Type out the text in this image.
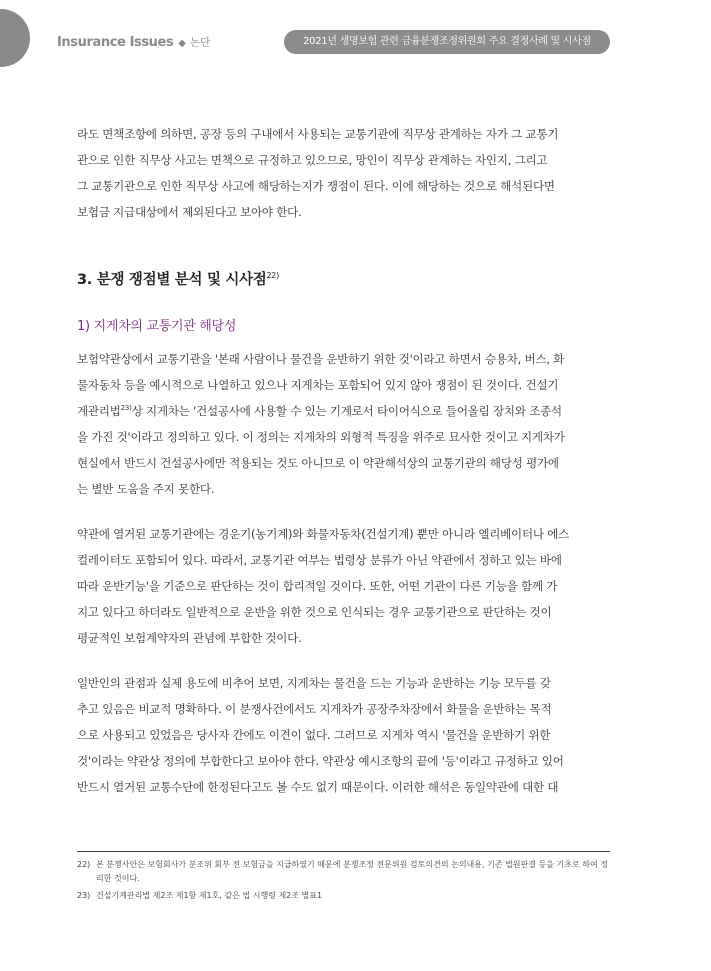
Insurance Issues ◆ 논단	2021년 생명보험 관련 금융분쟁조정위원회 주요 결정사례 및 시사점

라도 면책조항에 의하면, 공장 등의 구내에서 사용되는 교통기관에 직무상 관계하는 자가 그 교통기
관으로 인한 직무상 사고는 면책으로 규정하고 있으므로, 망인이 직무상 관계하는 자인지, 그리고
그 교통기관으로 인한 직무상 사고에 해당하는지가 쟁점이 된다. 이에 해당하는 것으로 해석된다면
보험금 지급대상에서 제외된다고 보아야 한다.

3. 분쟁 쟁점별 분석 및 시사점$^{22)}$
1) 지게차의 교통기관 해당성

보험약관상에서 교통기관을 '본래 사람이나 물건을 운반하기 위한 것'이라고 하면서 승용차, 버스, 화
물자동차 등을 예시적으로 나열하고 있으나 지게차는 포함되어 있지 않아 쟁점이 된 것이다. 건설기
계관리법$^{23)}$상 지게차는 '건설공사에 사용할 수 있는 기계로서 타이어식으로 들어올림 장치와 조종석
을 가진 것'이라고 정의하고 있다. 이 정의는 지게차의 외형적 특징을 위주로 묘사한 것이고 지게차가
현실에서 반드시 건설공사에만 적용되는 것도 아니므로 이 약관해석상의 교통기관의 해당성 평가에
는 별반 도움을 주지 못한다.

약관에 열거된 교통기관에는 경운기(농기계)와 화물자동차(건설기계) 뿐만 아니라 엘리베이터나 에스
컬레이터도 포함되어 있다. 따라서, 교통기관 여부는 법령상 분류가 아닌 약관에서 정하고 있는 바에
따라 운반기능'을 기준으로 판단하는 것이 합리적일 것이다. 또한, 어떤 기관이 다른 기능을 함께 가
지고 있다고 하더라도 일반적으로 운반을 위한 것으로 인식되는 경우 교통기관으로 판단하는 것이
평균적인 보험계약자의 관념에 부합한 것이다.

일반인의 관점과 실제 용도에 비추어 보면, 지게차는 물건을 드는 기능과 운반하는 기능 모두를 갖
추고 있음은 비교적 명확하다. 이 분쟁사건에서도 지게차가 공장주차장에서 화물을 운반하는 목적
으로 사용되고 있었음은 당사자 간에도 이견이 없다. 그러므로 지게차 역시 '물건을 운반하기 위한
것'이라는 약관상 정의에 부합한다고 보아야 한다. 약관상 예시조항의 끝에 '등'이라고 규정하고 있어
반드시 열거된 교통수단에 한정된다고도 볼 수도 없기 때문이다. 이러한 해석은 동일약관에 대한 대

22) 본 분쟁사안은 보험회사가 분조위 회부 전 보험금을 지급하였기 때문에 분쟁조정 전문위원 검토의견의 논의내용, 기존 법원판결 등을 기초로 하여 정리한 것이다.
23) 건설기계관리법 제2조 제1항 제1호, 같은 법 시행령 제2조 별표1
